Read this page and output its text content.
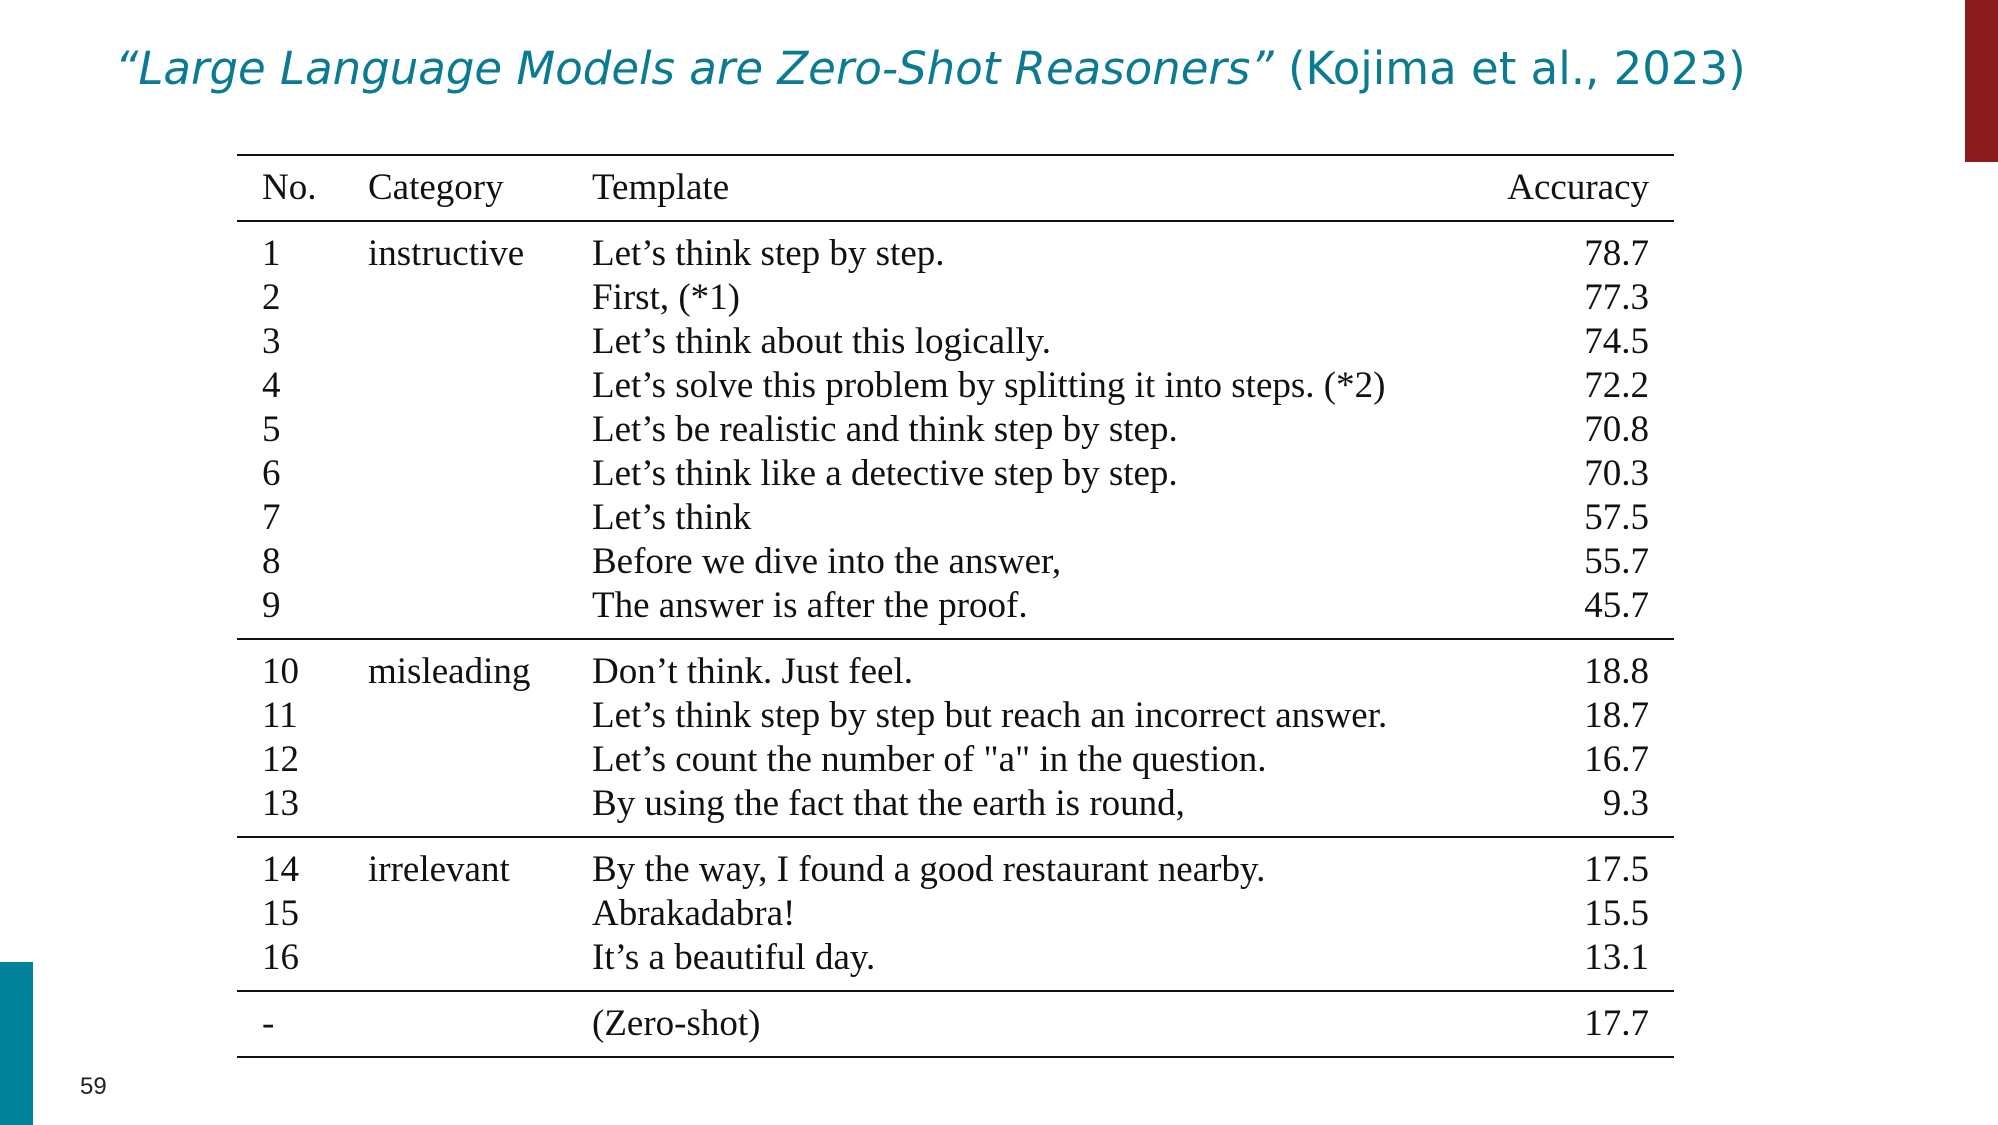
“Large Language Models are Zero-Shot Reasoners” (Kojima et al., 2023)
No.	Category	Template	Accuracy
1	instructive	Let’s think step by step.	78.7
2		First, (*1)	77.3
3		Let’s think about this logically.	74.5
4		Let’s solve this problem by splitting it into steps. (*2)	72.2
5		Let’s be realistic and think step by step.	70.8
6		Let’s think like a detective step by step.	70.3
7		Let’s think	57.5
8		Before we dive into the answer,	55.7
9		The answer is after the proof.	45.7
10	misleading	Don’t think. Just feel.	18.8
11		Let’s think step by step but reach an incorrect answer.	18.7
12		Let’s count the number of "a" in the question.	16.7
13		By using the fact that the earth is round,	9.3
14	irrelevant	By the way, I found a good restaurant nearby.	17.5
15		Abrakadabra!	15.5
16		It’s a beautiful day.	13.1
-		(Zero-shot)	17.7
59
